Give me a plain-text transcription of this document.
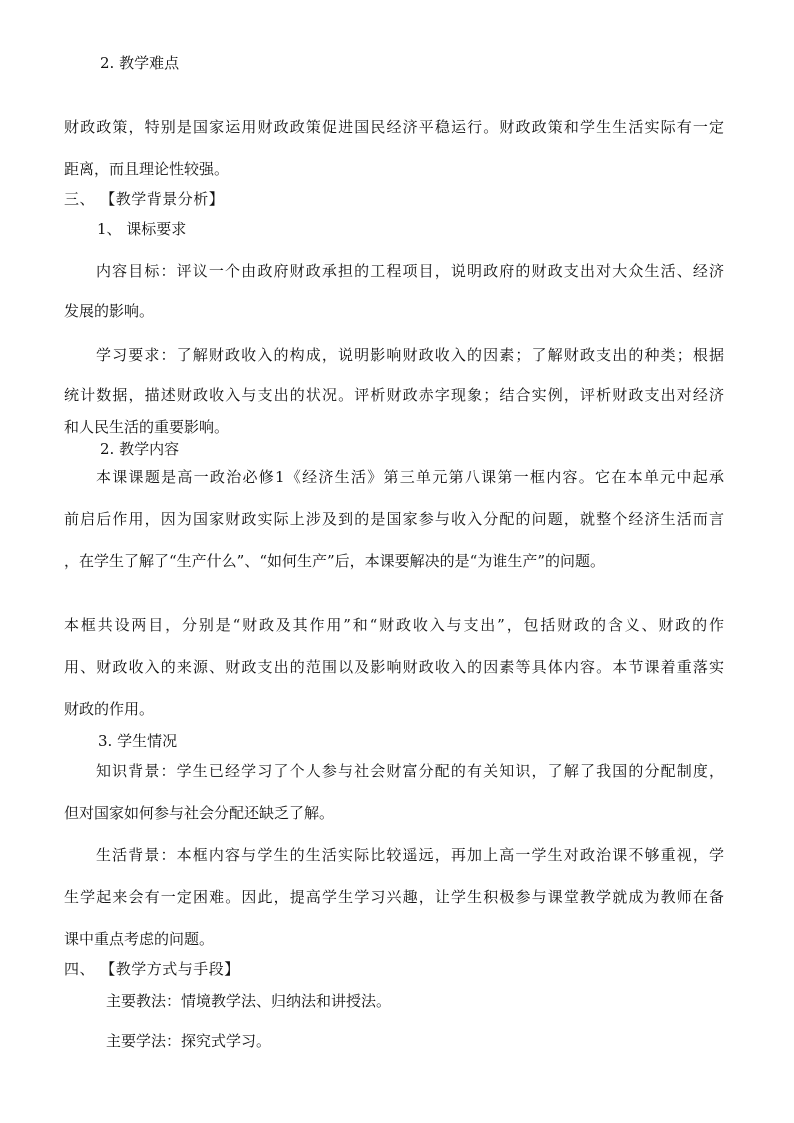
2. 教学难点
财政政策，特别是国家运用财政政策促进国民经济平稳运行。财政政策和学生生活实际有一定
距离，而且理论性较强。
三、 【教学背景分析】
1、 课标要求
内容目标：评议一个由政府财政承担的工程项目，说明政府的财政支出对大众生活、经济
发展的影响。
学习要求：了解财政收入的构成，说明影响财政收入的因素；了解财政支出的种类；根据
统计数据，描述财政收入与支出的状况。评析财政赤字现象；结合实例，评析财政支出对经济
和人民生活的重要影响。
2. 教学内容
本课课题是高一政治必修1《经济生活》第三单元第八课第一框内容。它在本单元中起承
前启后作用，因为国家财政实际上涉及到的是国家参与收入分配的问题，就整个经济生活而言
，在学生了解了“生产什么”、“如何生产”后，本课要解决的是“为谁生产”的问题。
本框共设两目，分别是“财政及其作用”和“财政收入与支出”，包括财政的含义、财政的作
用、财政收入的来源、财政支出的范围以及影响财政收入的因素等具体内容。本节课着重落实
财政的作用。
3. 学生情况
知识背景：学生已经学习了个人参与社会财富分配的有关知识，了解了我国的分配制度，
但对国家如何参与社会分配还缺乏了解。
生活背景：本框内容与学生的生活实际比较遥远，再加上高一学生对政治课不够重视，学
生学起来会有一定困难。因此，提高学生学习兴趣，让学生积极参与课堂教学就成为教师在备
课中重点考虑的问题。
四、 【教学方式与手段】
主要教法：情境教学法、归纳法和讲授法。
主要学法：探究式学习。
